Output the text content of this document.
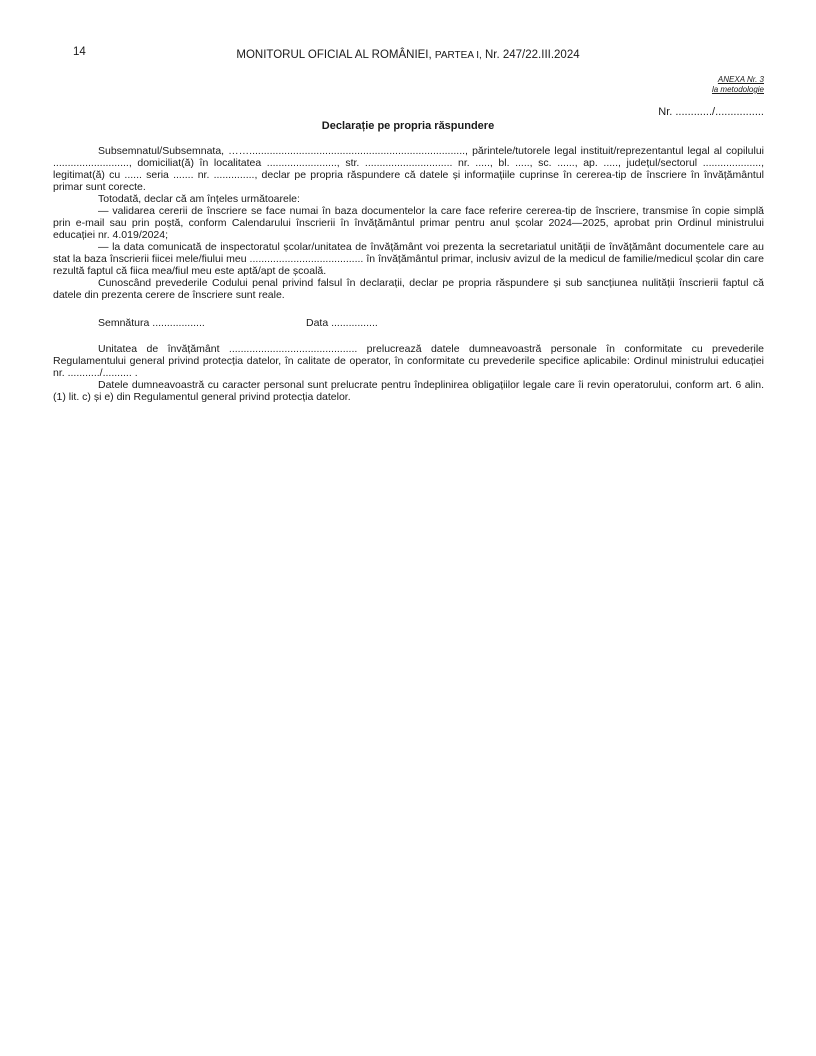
14	MONITORUL OFICIAL AL ROMÂNIEI, PARTEA I, Nr. 247/22.III.2024
ANEXA Nr. 3
la metodologie
Nr. ............/................
Declarație pe propria răspundere

Subsemnatul/Subsemnata, …….........................................................................., părintele/tutorele legal instituit/reprezentantul legal al copilului .........................., domiciliat(ă) în localitatea ........................, str. .............................. nr. ....., bl. ....., sc. ......, ap. ....., județul/sectorul ...................., legitimat(ă) cu ...... seria ....... nr. .............., declar pe propria răspundere că datele și informațiile cuprinse în cererea-tip de înscriere în învățământul primar sunt corecte.

Totodată, declar că am înțeles următoarele:

— validarea cererii de înscriere se face numai în baza documentelor la care face referire cererea-tip de înscriere, transmise în copie simplă prin e-mail sau prin poștă, conform Calendarului înscrierii în învățământul primar pentru anul școlar 2024—2025, aprobat prin Ordinul ministrului educației nr. 4.019/2024;

— la data comunicată de inspectoratul școlar/unitatea de învățământ voi prezenta la secretariatul unității de învățământ documentele care au stat la baza înscrierii fiicei mele/fiului meu ....................................... în învățământul primar, inclusiv avizul de la medicul de familie/medicul școlar din care rezultă faptul că fiica mea/fiul meu este aptă/apt de școală.

Cunoscând prevederile Codului penal privind falsul în declarații, declar pe propria răspundere și sub sancțiunea nulității înscrierii faptul că datele din prezenta cerere de înscriere sunt reale.

Semnătura ..................	Data ................

Unitatea de învățământ ............................................ prelucrează datele dumneavoastră personale în conformitate cu prevederile Regulamentului general privind protecția datelor, în calitate de operator, în conformitate cu prevederile specifice aplicabile: Ordinul ministrului educației nr. .........../.......... .

Datele dumneavoastră cu caracter personal sunt prelucrate pentru îndeplinirea obligațiilor legale care îi revin operatorului, conform art. 6 alin. (1) lit. c) și e) din Regulamentul general privind protecția datelor.
